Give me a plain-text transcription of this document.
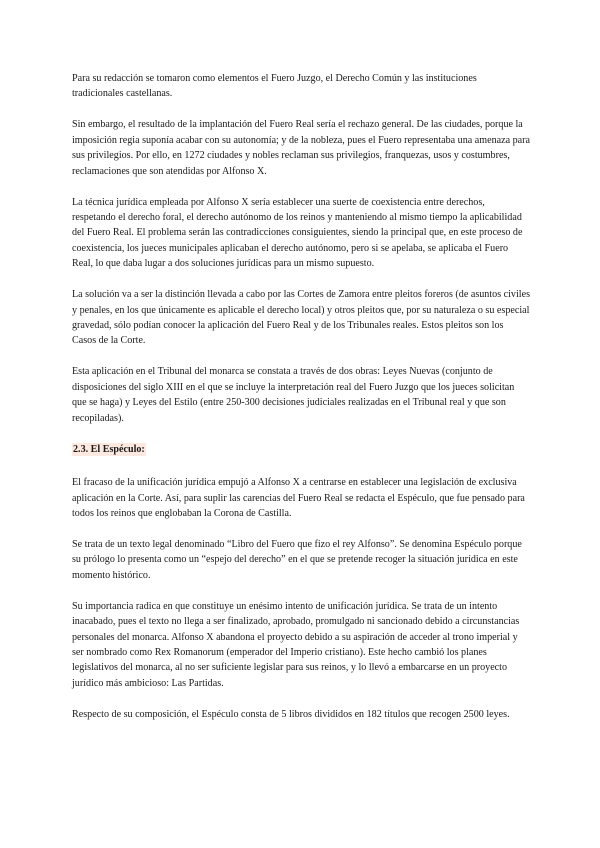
Para su redacción se tomaron como elementos el Fuero Juzgo, el Derecho Común y las instituciones tradicionales castellanas.

Sin embargo, el resultado de la implantación del Fuero Real sería el rechazo general. De las ciudades, porque la imposición regia suponía acabar con su autonomía; y de la nobleza, pues el Fuero representaba una amenaza para sus privilegios. Por ello, en 1272 ciudades y nobles reclaman sus privilegios, franquezas, usos y costumbres, reclamaciones que son atendidas por Alfonso X.

La técnica jurídica empleada por Alfonso X sería establecer una suerte de coexistencia entre derechos, respetando el derecho foral, el derecho autónomo de los reinos y manteniendo al mismo tiempo la aplicabilidad del Fuero Real. El problema serán las contradicciones consiguientes, siendo la principal que, en este proceso de coexistencia, los jueces municipales aplicaban el derecho autónomo, pero si se apelaba, se aplicaba el Fuero Real, lo que daba lugar a dos soluciones jurídicas para un mismo supuesto.

La solución va a ser la distinción llevada a cabo por las Cortes de Zamora entre pleitos foreros (de asuntos civiles y penales, en los que únicamente es aplicable el derecho local) y otros pleitos que, por su naturaleza o su especial gravedad, sólo podían conocer la aplicación del Fuero Real y de los Tribunales reales. Estos pleitos son los Casos de la Corte.

Esta aplicación en el Tribunal del monarca se constata a través de dos obras: Leyes Nuevas (conjunto de disposiciones del siglo XIII en el que se incluye la interpretación real del Fuero Juzgo que los jueces solicitan que se haga) y Leyes del Estilo (entre 250-300 decisiones judiciales realizadas en el Tribunal real y que son recopiladas).

2.3. El Espéculo:

El fracaso de la unificación jurídica empujó a Alfonso X a centrarse en establecer una legislación de exclusiva aplicación en la Corte. Así, para suplir las carencias del Fuero Real se redacta el Espéculo, que fue pensado para todos los reinos que englobaban la Corona de Castilla.

Se trata de un texto legal denominado “Libro del Fuero que fizo el rey Alfonso”. Se denomina Espéculo porque su prólogo lo presenta como un “espejo del derecho” en el que se pretende recoger la situación jurídica en este momento histórico.

Su importancia radica en que constituye un enésimo intento de unificación jurídica. Se trata de un intento inacabado, pues el texto no llega a ser finalizado, aprobado, promulgado ni sancionado debido a circunstancias personales del monarca. Alfonso X abandona el proyecto debido a su aspiración de acceder al trono imperial y ser nombrado como Rex Romanorum (emperador del Imperio cristiano). Este hecho cambió los planes legislativos del monarca, al no ser suficiente legislar para sus reinos, y lo llevó a embarcarse en un proyecto jurídico más ambicioso: Las Partidas.

Respecto de su composición, el Espéculo consta de 5 libros divididos en 182 títulos que recogen 2500 leyes.
